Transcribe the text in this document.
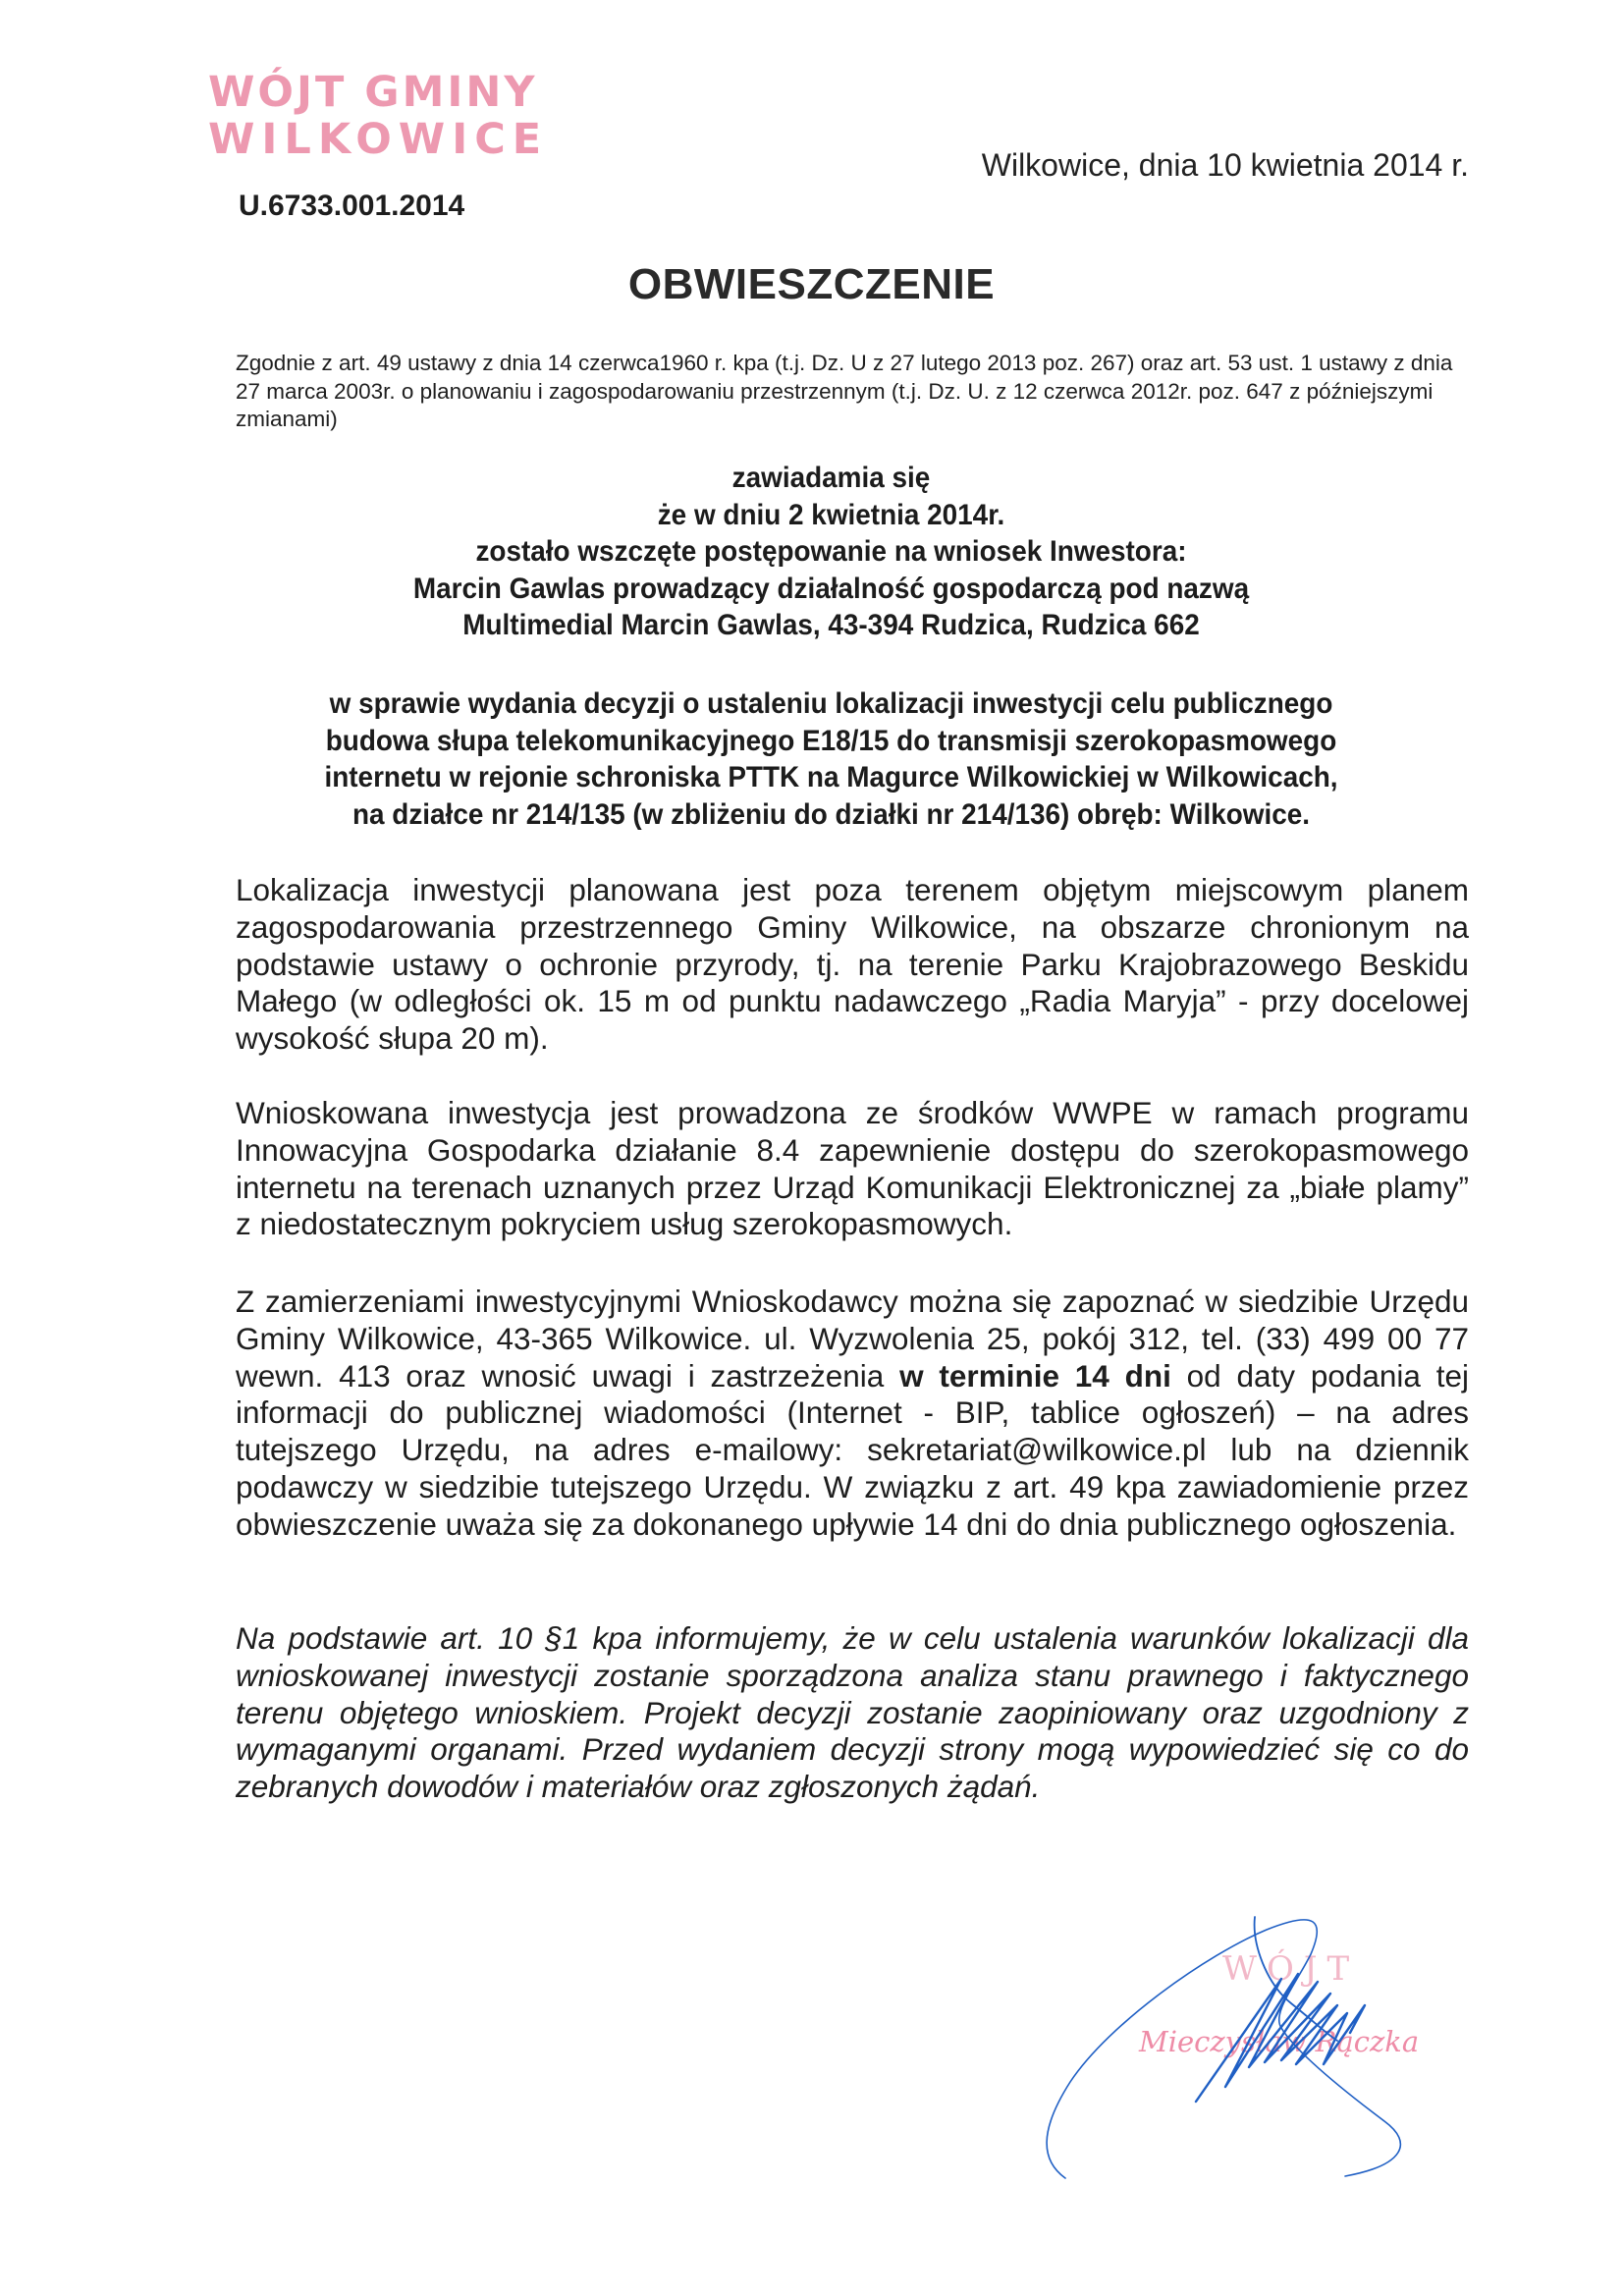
WÓJT GMINY
WILKOWICE
U.6733.001.2014
Wilkowice, dnia 10 kwietnia 2014 r.
OBWIESZCZENIE
Zgodnie z art. 49 ustawy z dnia 14 czerwca1960 r. kpa (t.j. Dz. U z 27 lutego 2013 poz. 267) oraz art. 53 ust. 1 ustawy z dnia 27 marca 2003r. o planowaniu i zagospodarowaniu przestrzennym (t.j. Dz. U. z 12 czerwca 2012r. poz. 647 z późniejszymi zmianami)
zawiadamia się
że w dniu 2 kwietnia 2014r.
zostało wszczęte postępowanie na wniosek Inwestora:
Marcin Gawlas prowadzący działalność gospodarczą pod nazwą
Multimedial Marcin Gawlas, 43-394 Rudzica, Rudzica 662
w sprawie wydania decyzji o ustaleniu lokalizacji inwestycji celu publicznego
budowa słupa telekomunikacyjnego E18/15 do transmisji szerokopasmowego
internetu w rejonie schroniska PTTK na Magurce Wilkowickiej w Wilkowicach,
na działce nr 214/135 (w zbliżeniu do działki nr 214/136) obręb: Wilkowice.
Lokalizacja inwestycji planowana jest poza terenem objętym miejscowym planem zagospodarowania przestrzennego Gminy Wilkowice, na obszarze chronionym na podstawie ustawy o ochronie przyrody, tj. na terenie Parku Krajobrazowego Beskidu Małego (w odległości ok. 15 m od punktu nadawczego „Radia Maryja” - przy docelowej wysokość słupa 20 m).
Wnioskowana inwestycja jest prowadzona ze środków WWPE w ramach programu Innowacyjna Gospodarka działanie 8.4 zapewnienie dostępu do szerokopasmowego internetu na terenach uznanych przez Urząd Komunikacji Elektronicznej za „białe plamy” z niedostatecznym pokryciem usług szerokopasmowych.
Z zamierzeniami inwestycyjnymi Wnioskodawcy można się zapoznać w siedzibie Urzędu Gminy Wilkowice, 43-365 Wilkowice. ul. Wyzwolenia 25, pokój 312, tel. (33) 499 00 77 wewn. 413 oraz wnosić uwagi i zastrzeżenia w terminie 14 dni od daty podania tej informacji do publicznej wiadomości (Internet - BIP, tablice ogłoszeń) – na adres tutejszego Urzędu, na adres e-mailowy: sekretariat@wilkowice.pl lub na dziennik podawczy w siedzibie tutejszego Urzędu. W związku z art. 49 kpa zawiadomienie przez obwieszczenie uważa się za dokonanego upływie 14 dni do dnia publicznego ogłoszenia.
Na podstawie art. 10 §1 kpa informujemy, że w celu ustalenia warunków lokalizacji dla wnioskowanej inwestycji zostanie sporządzona analiza stanu prawnego i faktycznego terenu objętego wnioskiem. Projekt decyzji zostanie zaopiniowany oraz uzgodniony z wymaganymi organami. Przed wydaniem decyzji strony mogą wypowiedzieć się co do zebranych dowodów i materiałów oraz zgłoszonych żądań.
WÓJT
Mieczysław Rączka
